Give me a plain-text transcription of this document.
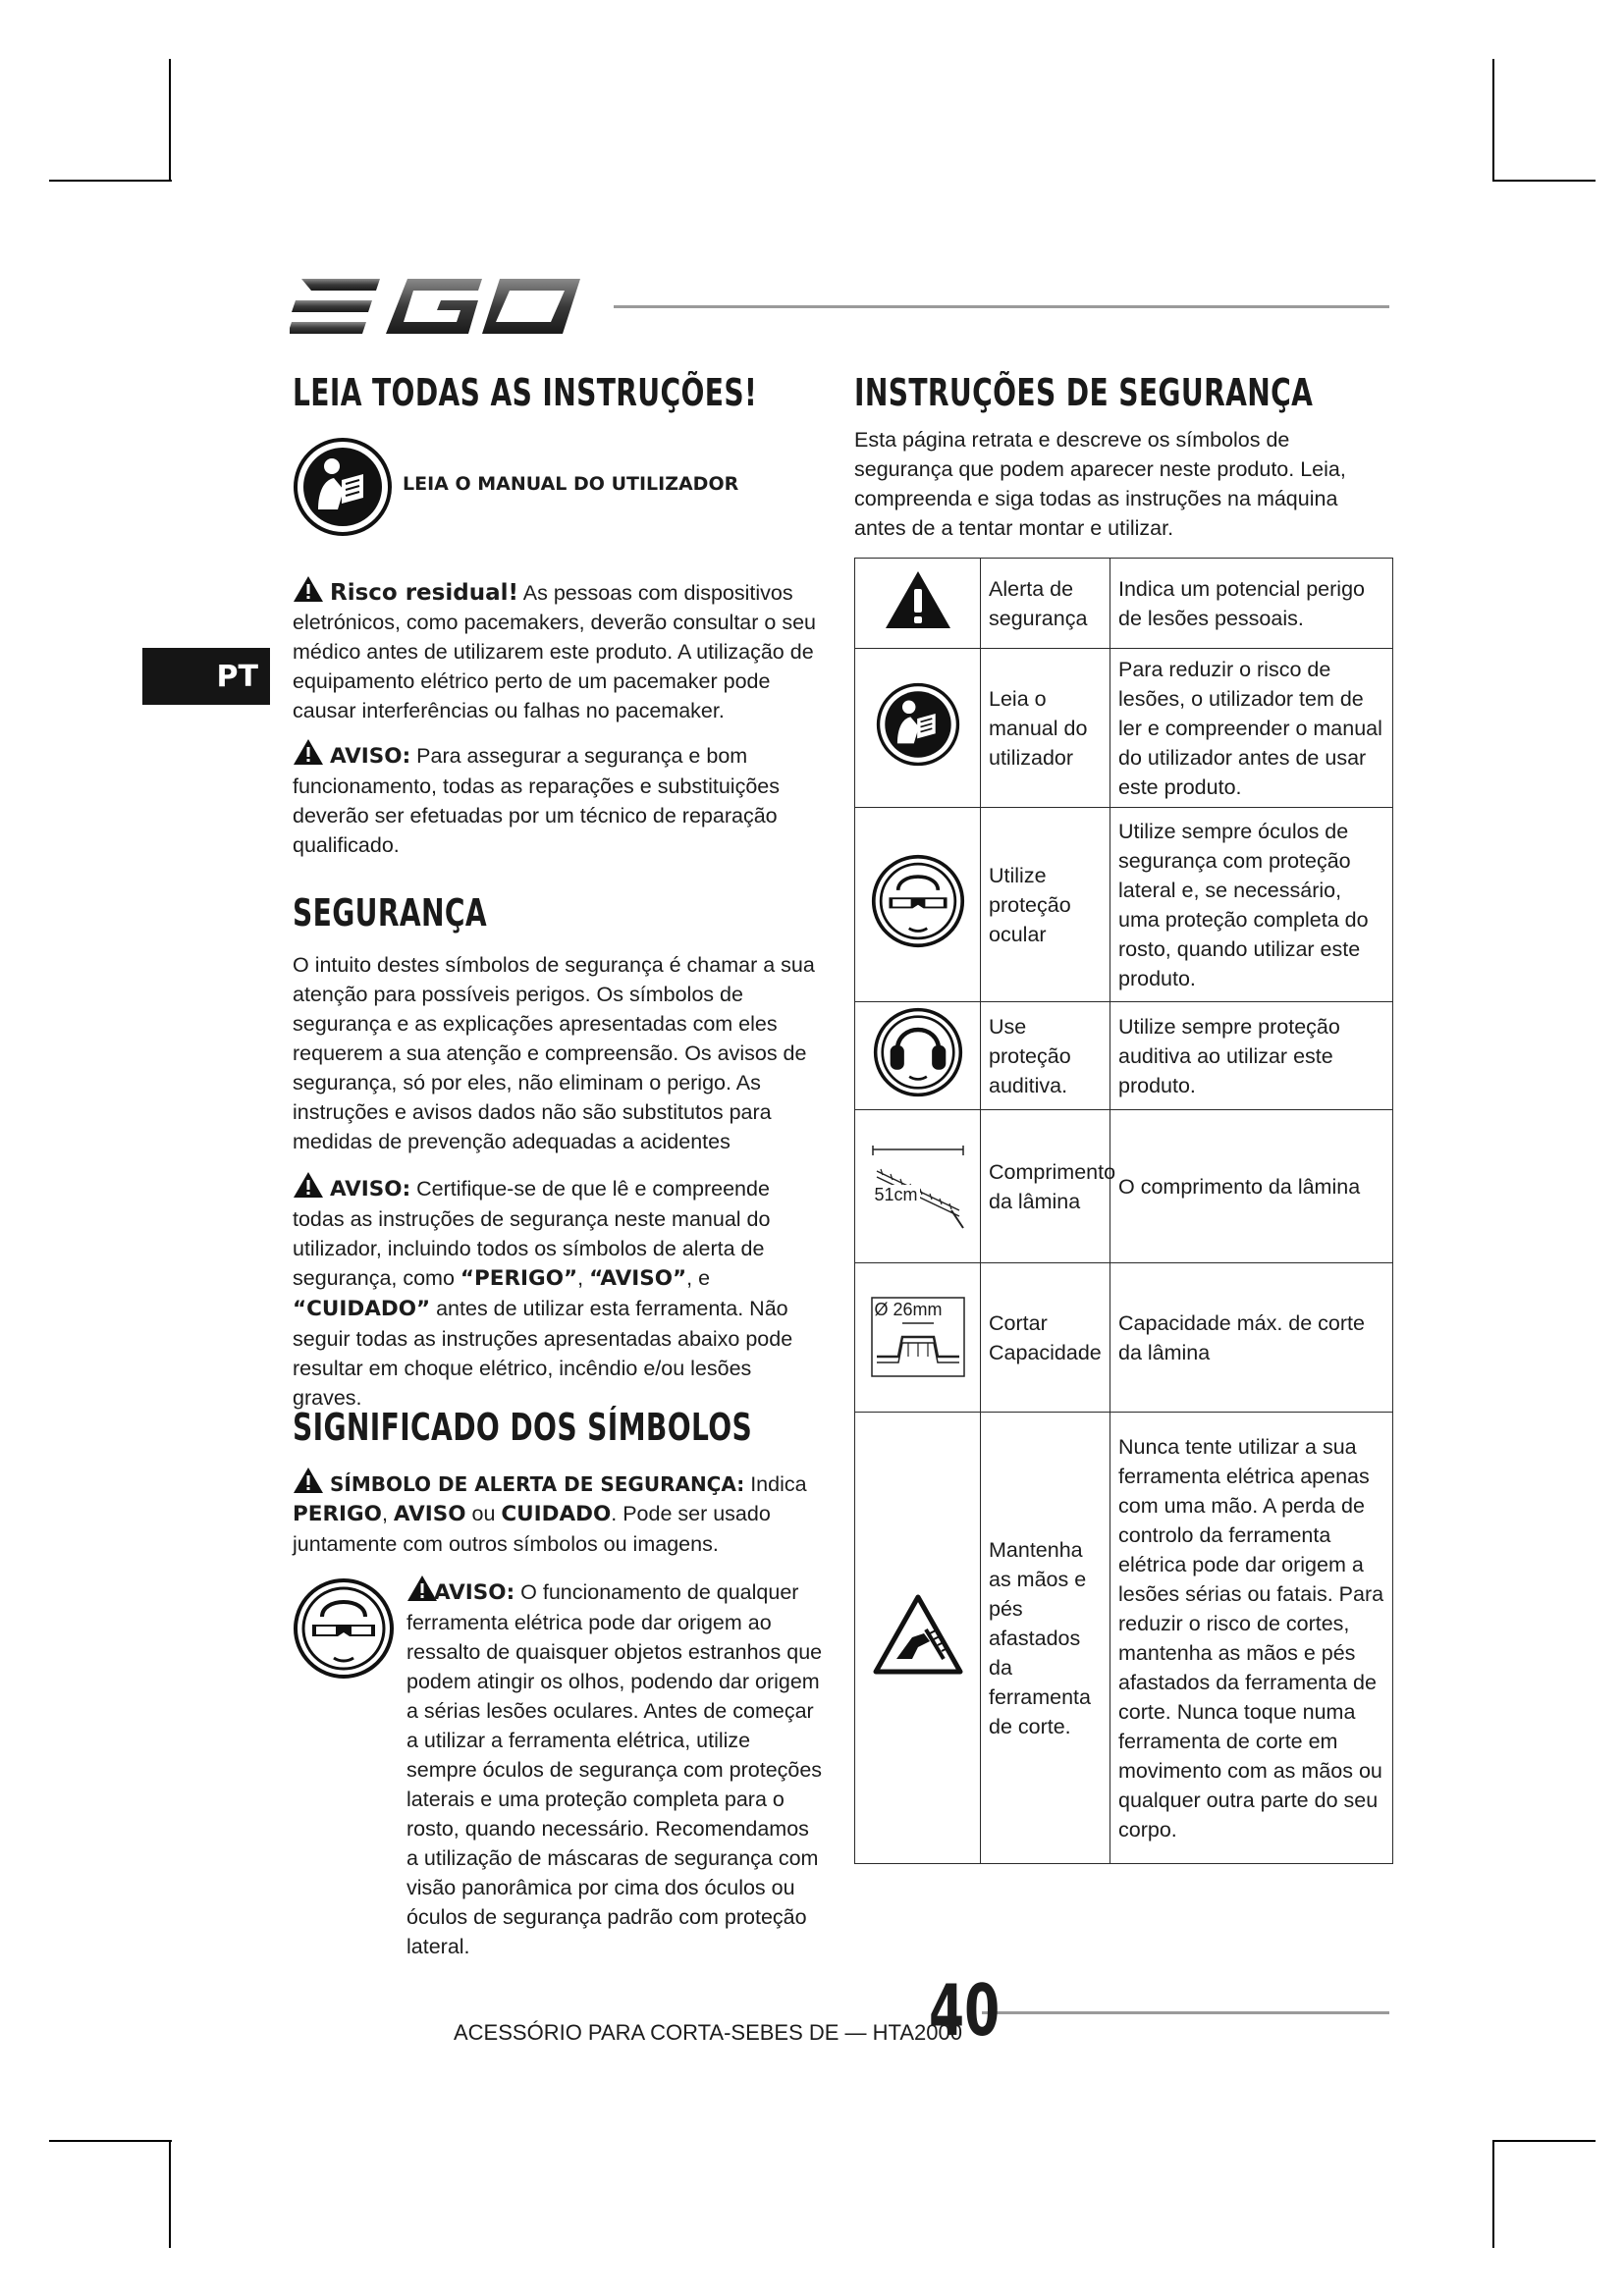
PT
LEIA TODAS AS INSTRUÇÕES!
LEIA O MANUAL DO UTILIZADOR
Risco residual! As pessoas com dispositivos eletrónicos, como pacemakers, deverão consultar o seu médico antes de utilizarem este produto. A utilização de equipamento elétrico perto de um pacemaker pode causar interferências ou falhas no pacemaker.
AVISO: Para assegurar a segurança e bom funcionamento, todas as reparações e substituições deverão ser efetuadas por um técnico de reparação qualificado.
SEGURANÇA
O intuito destes símbolos de segurança é chamar a sua atenção para possíveis perigos. Os símbolos de segurança e as explicações apresentadas com eles requerem a sua atenção e compreensão. Os avisos de segurança, só por eles, não eliminam o perigo. As instruções e avisos dados não são substitutos para medidas de prevenção adequadas a acidentes
AVISO: Certifique-se de que lê e compreende todas as instruções de segurança neste manual do utilizador, incluindo todos os símbolos de alerta de segurança, como “PERIGO”, “AVISO”, e “CUIDADO” antes de utilizar esta ferramenta. Não seguir todas as instruções apresentadas abaixo pode resultar em choque elétrico, incêndio e/ou lesões graves.
SIGNIFICADO DOS SÍMBOLOS
SÍMBOLO DE ALERTA DE SEGURANÇA: Indica PERIGO, AVISO ou CUIDADO. Pode ser usado juntamente com outros símbolos ou imagens.
AVISO: O funcionamento de qualquer ferramenta elétrica pode dar origem ao ressalto de quaisquer objetos estranhos que podem atingir os olhos, podendo dar origem a sérias lesões oculares. Antes de começar a utilizar a ferramenta elétrica, utilize sempre óculos de segurança com proteções laterais e uma proteção completa para o rosto, quando necessário. Recomendamos a utilização de máscaras de segurança com visão panorâmica por cima dos óculos ou óculos de segurança padrão com proteção lateral.
INSTRUÇÕES DE SEGURANÇA
Esta página retrata e descreve os símbolos de segurança que podem aparecer neste produto. Leia, compreenda e siga todas as instruções na máquina antes de a tentar montar e utilizar.
	Alerta de segurança	Indica um potencial perigo de lesões pessoais.
	Leia o manual do utilizador	Para reduzir o risco de lesões, o utilizador tem de ler e compreender o manual do utilizador antes de usar este produto.
	Utilize proteção ocular	Utilize sempre óculos de segurança com proteção lateral e, se necessário, uma proteção completa do rosto, quando utilizar este produto.
	Use proteção auditiva.	Utilize sempre proteção auditiva ao utilizar este produto.

51cm	Comprimento da lâmina	O comprimento da lâmina

Ø 26mm	Cortar Capacidade	Capacidade máx. de corte da lâmina
	Mantenha as mãos e pés afastados da ferramenta de corte.	Nunca tente utilizar a sua ferramenta elétrica apenas com uma mão. A perda de controlo da ferramenta elétrica pode dar origem a lesões sérias ou fatais. Para reduzir o risco de cortes, mantenha as mãos e pés afastados da ferramenta de corte. Nunca toque numa ferramenta de corte em movimento com as mãos ou qualquer outra parte do seu corpo.
ACESSÓRIO PARA CORTA-SEBES DE — HTA2000
40
